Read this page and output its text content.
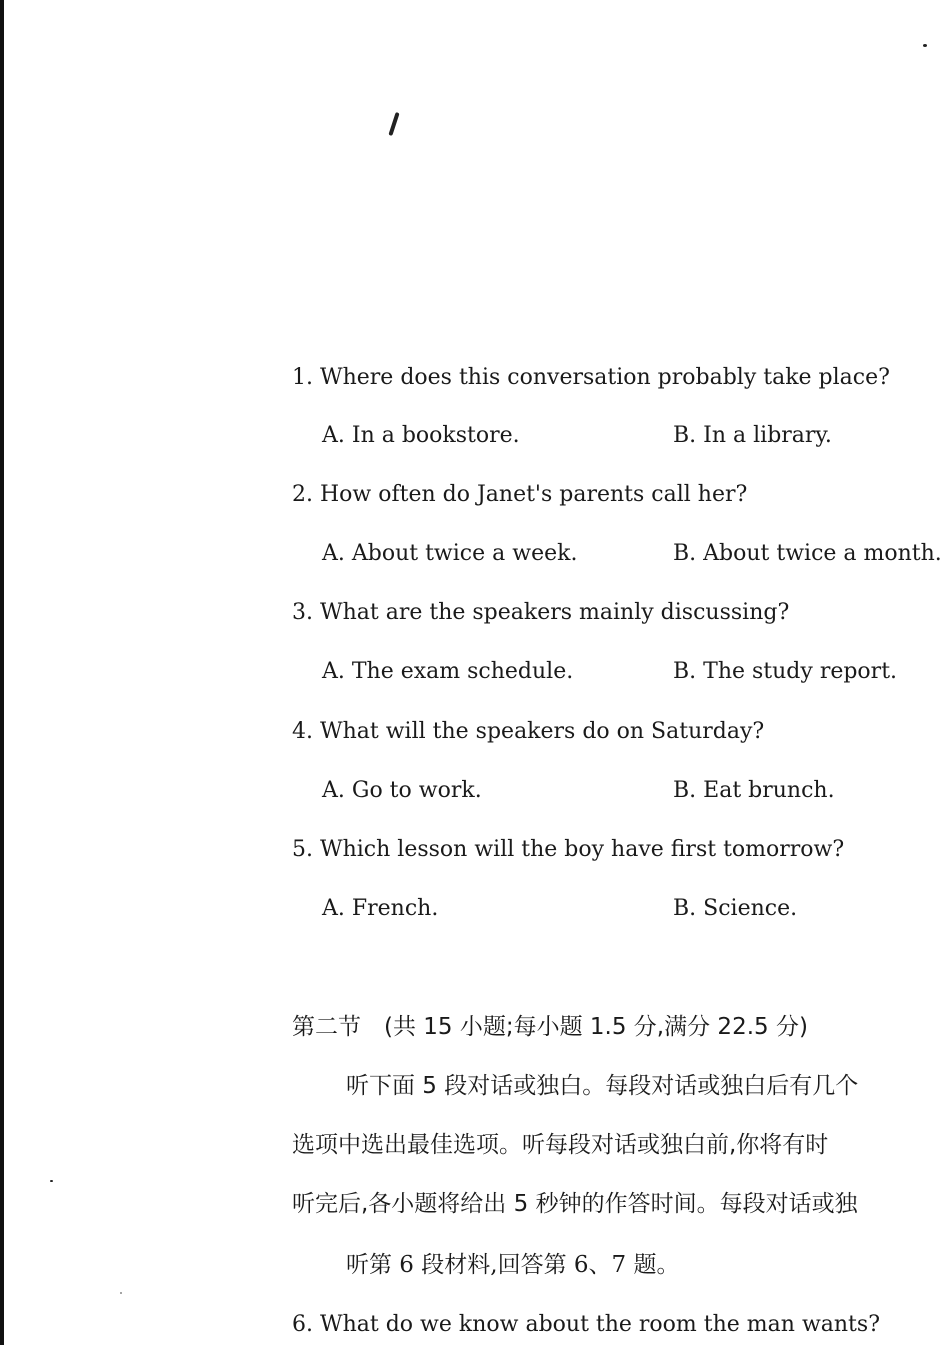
1. Where does this conversation probably take place?
A. In a bookstore.	B. In a library.
2. How often do Janet's parents call her?
A. About twice a week.	B. About twice a month.
3. What are the speakers mainly discussing?
A. The exam schedule.	B. The study report.
4. What will the speakers do on Saturday?
A. Go to work.	B. Eat brunch.
5. Which lesson will the boy have first tomorrow?
A. French.	B. Science.
第二节　(共 15 小题;每小题 1.5 分,满分 22.5 分)
听下面 5 段对话或独白。每段对话或独白后有几个
选项中选出最佳选项。听每段对话或独白前,你将有时
听完后,各小题将给出 5 秒钟的作答时间。每段对话或独
听第 6 段材料,回答第 6、7 题。
6. What do we know about the room the man wants?
